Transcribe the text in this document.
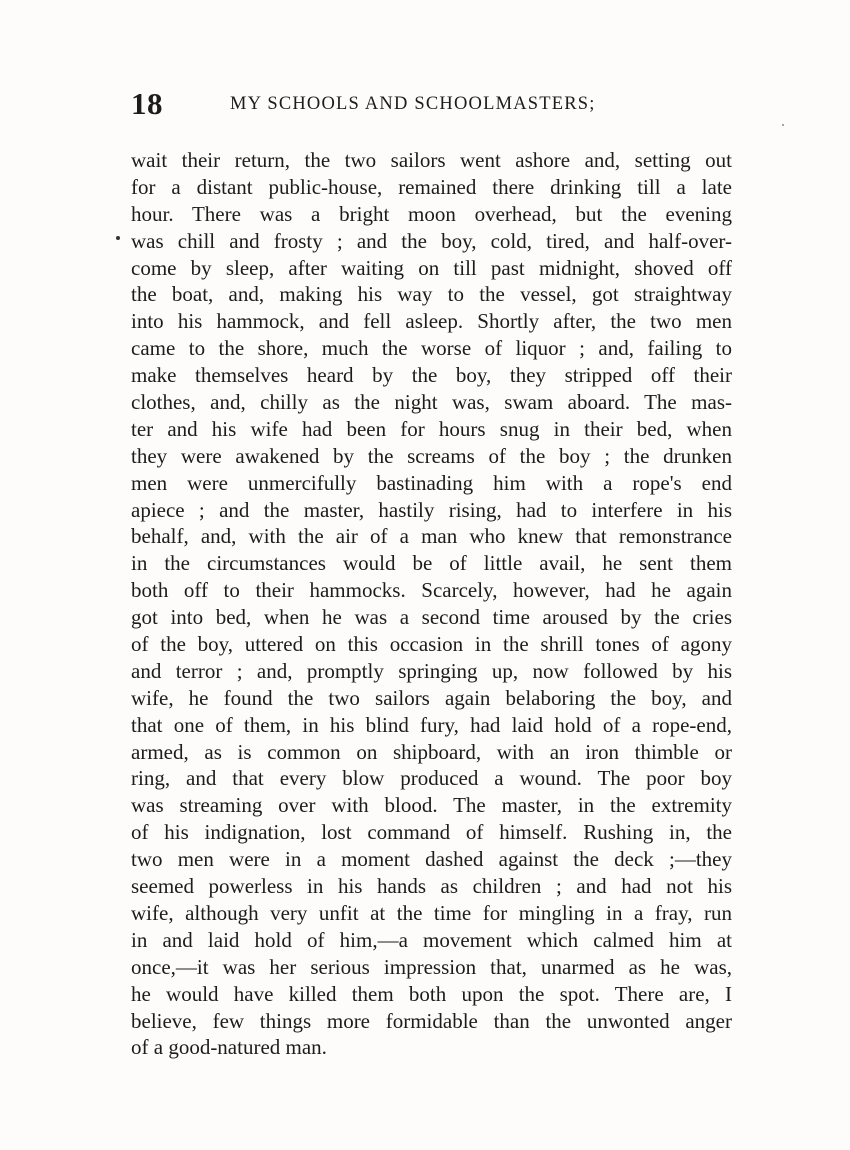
18	MY SCHOOLS AND SCHOOLMASTERS;
wait their return, the two sailors went ashore and, setting out
for a distant public-house, remained there drinking till a late
hour. There was a bright moon overhead, but the evening
was chill and frosty ; and the boy, cold, tired, and half-over-
come by sleep, after waiting on till past midnight, shoved off
the boat, and, making his way to the vessel, got straightway
into his hammock, and fell asleep. Shortly after, the two men
came to the shore, much the worse of liquor ; and, failing to
make themselves heard by the boy, they stripped off their
clothes, and, chilly as the night was, swam aboard. The mas-
ter and his wife had been for hours snug in their bed, when
they were awakened by the screams of the boy ; the drunken
men were unmercifully bastinading him with a rope's end
apiece ; and the master, hastily rising, had to interfere in his
behalf, and, with the air of a man who knew that remonstrance
in the circumstances would be of little avail, he sent them
both off to their hammocks. Scarcely, however, had he again
got into bed, when he was a second time aroused by the cries
of the boy, uttered on this occasion in the shrill tones of agony
and terror ; and, promptly springing up, now followed by his
wife, he found the two sailors again belaboring the boy, and
that one of them, in his blind fury, had laid hold of a rope-end,
armed, as is common on shipboard, with an iron thimble or
ring, and that every blow produced a wound. The poor boy
was streaming over with blood. The master, in the extremity
of his indignation, lost command of himself. Rushing in, the
two men were in a moment dashed against the deck ;—they
seemed powerless in his hands as children ; and had not his
wife, although very unfit at the time for mingling in a fray, run
in and laid hold of him,—a movement which calmed him at
once,—it was her serious impression that, unarmed as he was,
he would have killed them both upon the spot. There are, I
believe, few things more formidable than the unwonted anger
of a good-natured man.
